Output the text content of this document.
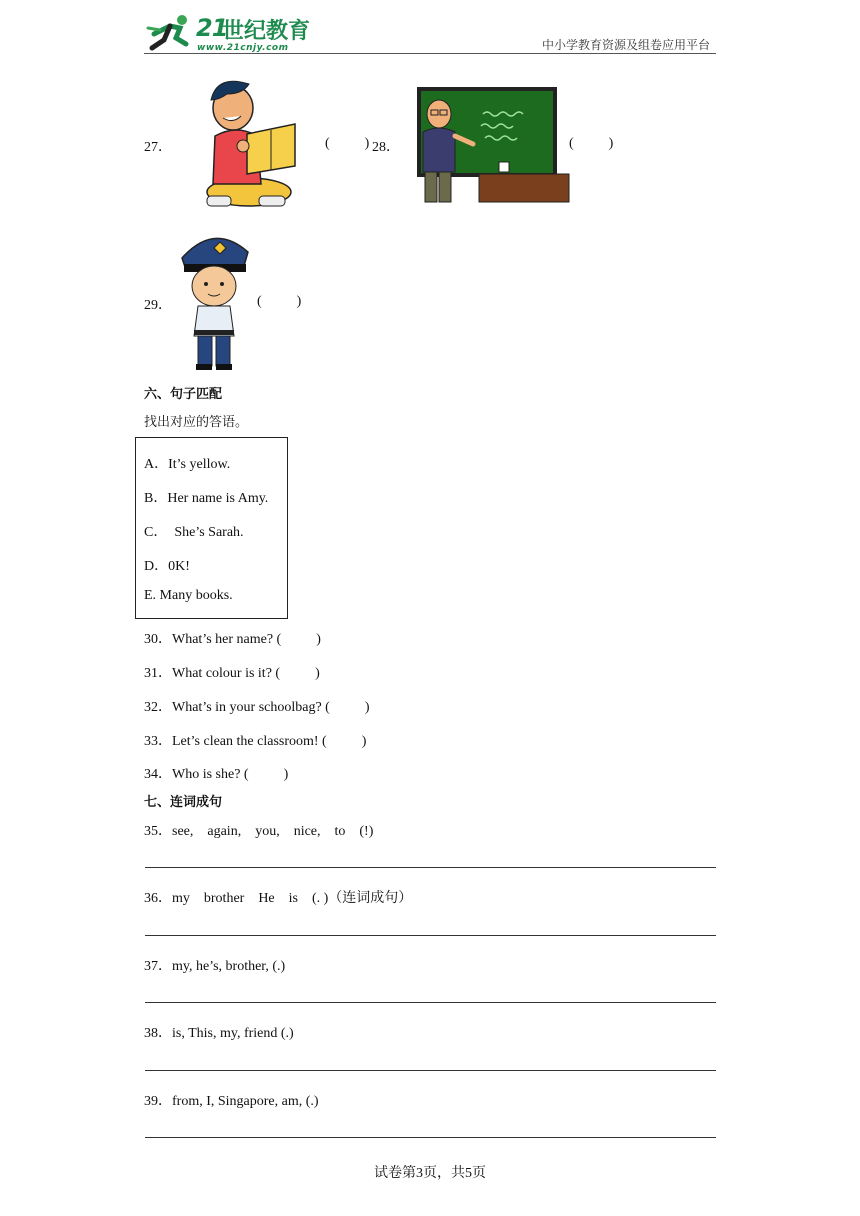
21
世纪教育
www.21cnjy.com	中小学教育资源及组卷应用平台
27．	(          ) 28．	(          )
29．	(          )
六、句子匹配
找出对应的答语。
A．It’s yellow.
B．Her name is Amy.
C．  She’s Sarah.
D．0K!
E. Many books.
30．What’s her name? (          )
31．What colour is it? (          )
32．What’s in your schoolbag? (          )
33．Let’s clean the classroom! (          )
34．Who is she? (          )
七、连词成句
35．see,    again,    you,    nice,    to    (!)
36．my    brother    He    is    (. )（连词成句）
37．my, he’s, brother, (.)
38．is, This, my, friend (.)
39．from, I, Singapore, am, (.)
试卷第3页，共5页
